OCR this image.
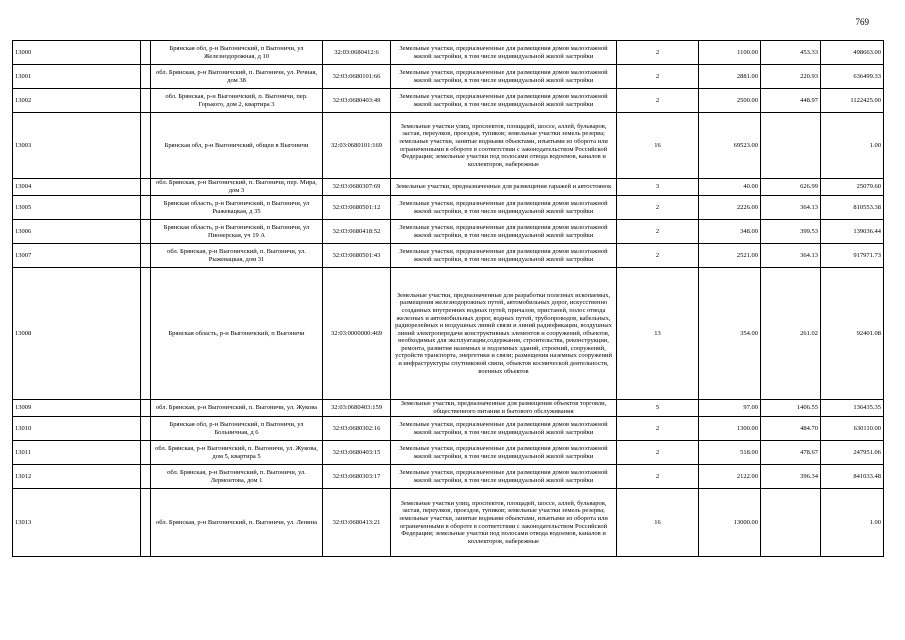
769
13000		Брянская обл, р-н Выгоничский, п Выгоничи, ул Железнодорожная, д 10	32:03:0680412:6	Земельные участки, предназначенные для размещения домов малоэтажной жилой застройки, в том числе индивидуальной жилой застройки	2	1100.00	453.33	498663.00
13001		обл. Брянская, р-н Выгоничский, п. Выгоничи, ул. Речная, дом 38	32:03:0680101:66	Земельные участки, предназначенные для размещения домов малоэтажной жилой застройки, в том числе индивидуальной жилой застройки	2	2881.00	220.93	636499.33
13002		обл. Брянская, р-н Выгоничский, п. Выгоничи, пер. Горького, дом 2, квартира 3	32:03:0680403:49	Земельные участки, предназначенные для размещения домов малоэтажной жилой застройки, в том числе индивидуальной жилой застройки	2	2500.00	448.97	1122425.00
13003		Брянская обл, р-н Выгоничский, общеи в Выгоничи	32:03:0680101:169	Земельные участки улиц, проспектов, площадей, шоссе, аллей, бульваров, застав, переулков, проездов, тупиков; земельные участки земель резерва; земельные участки, занятые водными объектами, изъятыми из оборота или ограниченными в обороте в соответствии с законодательством Российской Федерации; земельные участки под полосами отвода водоемов, каналов и коллекторов, набережные	16	69523.00		1.00
13004		обл. Брянская, р-н Выгоничский, п. Выгоничи, пер. Мира, дом 3	32:03:0680307:69	Земельные участки, предназначенные для размещения гаражей и автостоянок	3	40.00	626.99	25079.60
13005		Брянская область, р-н Выгоничский, п Выгоничи, ул Рыжевацкая, д 35	32:03:0680501:12	Земельные участки, предназначенные для размещения домов малоэтажной жилой застройки, в том числе индивидуальной жилой застройки	2	2226.00	364.13	810553.38
13006		Брянская область, р-н Выгоничский, п Выгоничи, ул Пионерская, уч 19 А	32:03:0680418:52	Земельные участки, предназначенные для размещения домов малоэтажной жилой застройки, в том числе индивидуальной жилой застройки	2	348.00	399.53	139036.44
13007		обл. Брянская, р-н Выгоничский, п. Выгоничи, ул. Рыжевацкая, дом 31	32:03:0680501:43	Земельные участки, предназначенные для размещения домов малоэтажной жилой застройки, в том числе индивидуальной жилой застройки	2	2521.00	364.13	917971.73
13008		Брянская область, р-н Выгоничский, п Выгоничи	32:03:0000000:469	Земельные участки, предназначенные для разработки полезных ископаемых, размещения железнодорожных путей, автомобильных дорог, искусственно созданных внутренних водных путей, причалов, пристаней, полос отвода железных и автомобильных дорог, водных путей, трубопроводов, кабельных, радиорелейных и воздушных линий связи и линий радиофикации, воздушных линий электропередачи конструктивных элементов и сооружений, объектов, необходимых для эксплуатации,содержания, строительства, реконструкции, ремонта, развития наземных и подземных зданий, строений, сооружений, устройств транспорта, энергетики и связи; размещения наземных сооружений и инфраструктуры спутниковой связи, объектов космической деятельности, военных объектов	13	354.00	261.02	92401.08
13009		обл. Брянская, р-н Выгоничский, п. Выгоничи, ул. Жукова	32:03:0680403:159	Земельные участки, предназначенные для размещения объектов торговли, общественного питания и бытового обслуживания	5	97.00	1406.55	136435.35
13010		Брянская обл, р-н Выгоничский, п Выгоничи, ул Больничная, д 6	32:03:0680302:16	Земельные участки, предназначенные для размещения домов малоэтажной жилой застройки, в том числе индивидуальной жилой застройки	2	1300.00	484.70	630110.00
13011		обл. Брянская, р-н Выгоничский, п. Выгоничи, ул. Жукова, дом 5, квартира 5	32:03:0680403:15	Земельные участки, предназначенные для размещения домов малоэтажной жилой застройки, в том числе индивидуальной жилой застройки	2	518.00	478.67	247951.06
13012		обл. Брянская, р-н Выгоничский, п. Выгоничи, ул. Лермонтова, дом 1	32:03:0680303:17	Земельные участки, предназначенные для размещения домов малоэтажной жилой застройки, в том числе индивидуальной жилой застройки	2	2122.00	396.34	841033.48
13013		обл. Брянская, р-н Выгоничский, п. Выгоничи, ул. Ленина	32:03:0680413:21	Земельные участки улиц, проспектов, площадей, шоссе, аллей, бульваров, застав, переулков, проездов, тупиков; земельные участки земель резерва; земельные участки, занятые водными объектами, изъятыми из оборота или ограниченными в обороте в соответствии с законодательством Российской Федерации; земельные участки под полосами отвода водоемов, каналов и коллекторов, набережные	16	13000.00		1.00
